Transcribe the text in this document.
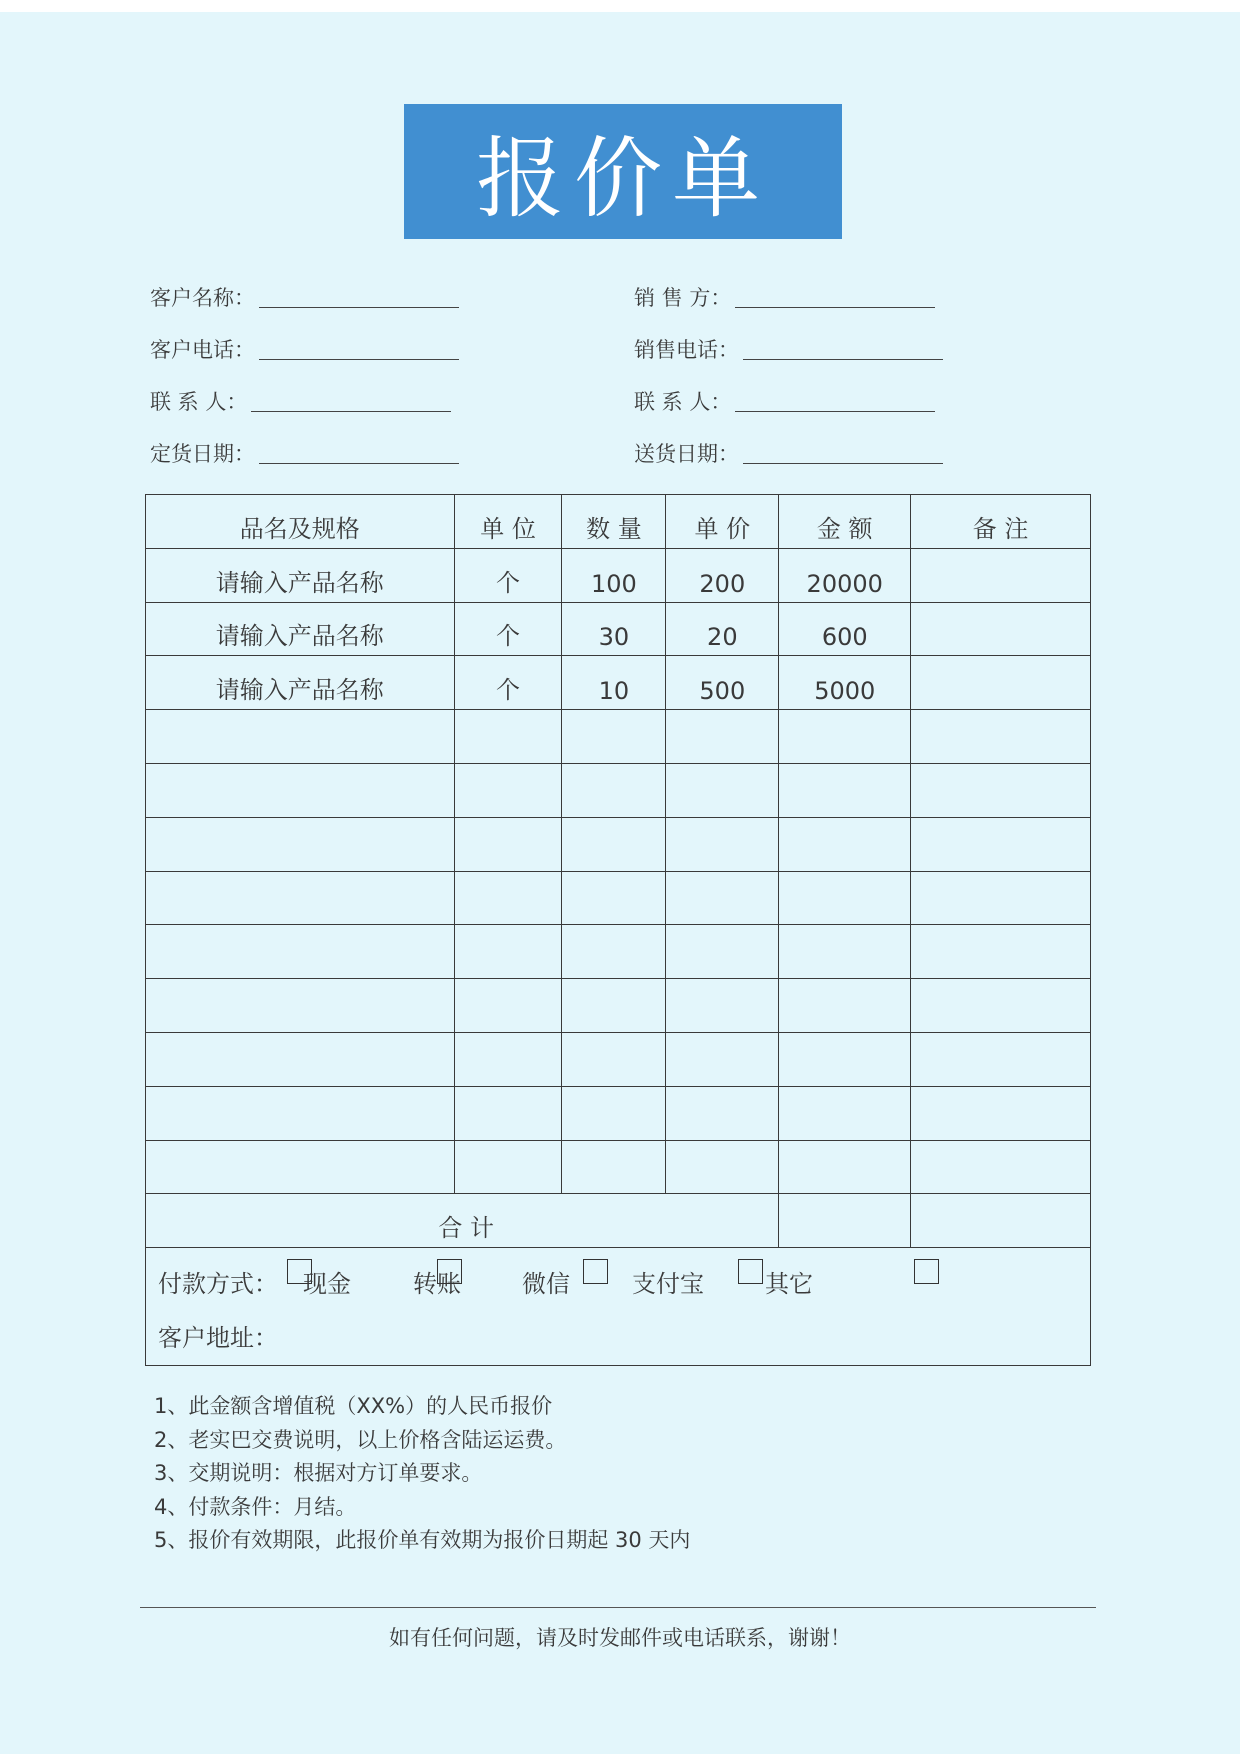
报价单
客户名称：
客户电话：
联 系 人：
定货日期：
销 售 方：
销售电话：
联 系 人：
送货日期：
品名及规格	单 位	数 量	单 价	金 额	备 注
请输入产品名称	个	100	200	20000	
请输入产品名称	个	30	20	600	
请输入产品名称	个	10	500	5000	

合 计					
付款方式： 现金	转账	微信	支付宝	其它
客户地址：
1、此金额含增值税（XX%）的人民币报价
2、老实巴交费说明，以上价格含陆运运费。
3、交期说明：根据对方订单要求。
4、付款条件：月结。
5、报价有效期限，此报价单有效期为报价日期起 30 天内
如有任何问题，请及时发邮件或电话联系，谢谢！
